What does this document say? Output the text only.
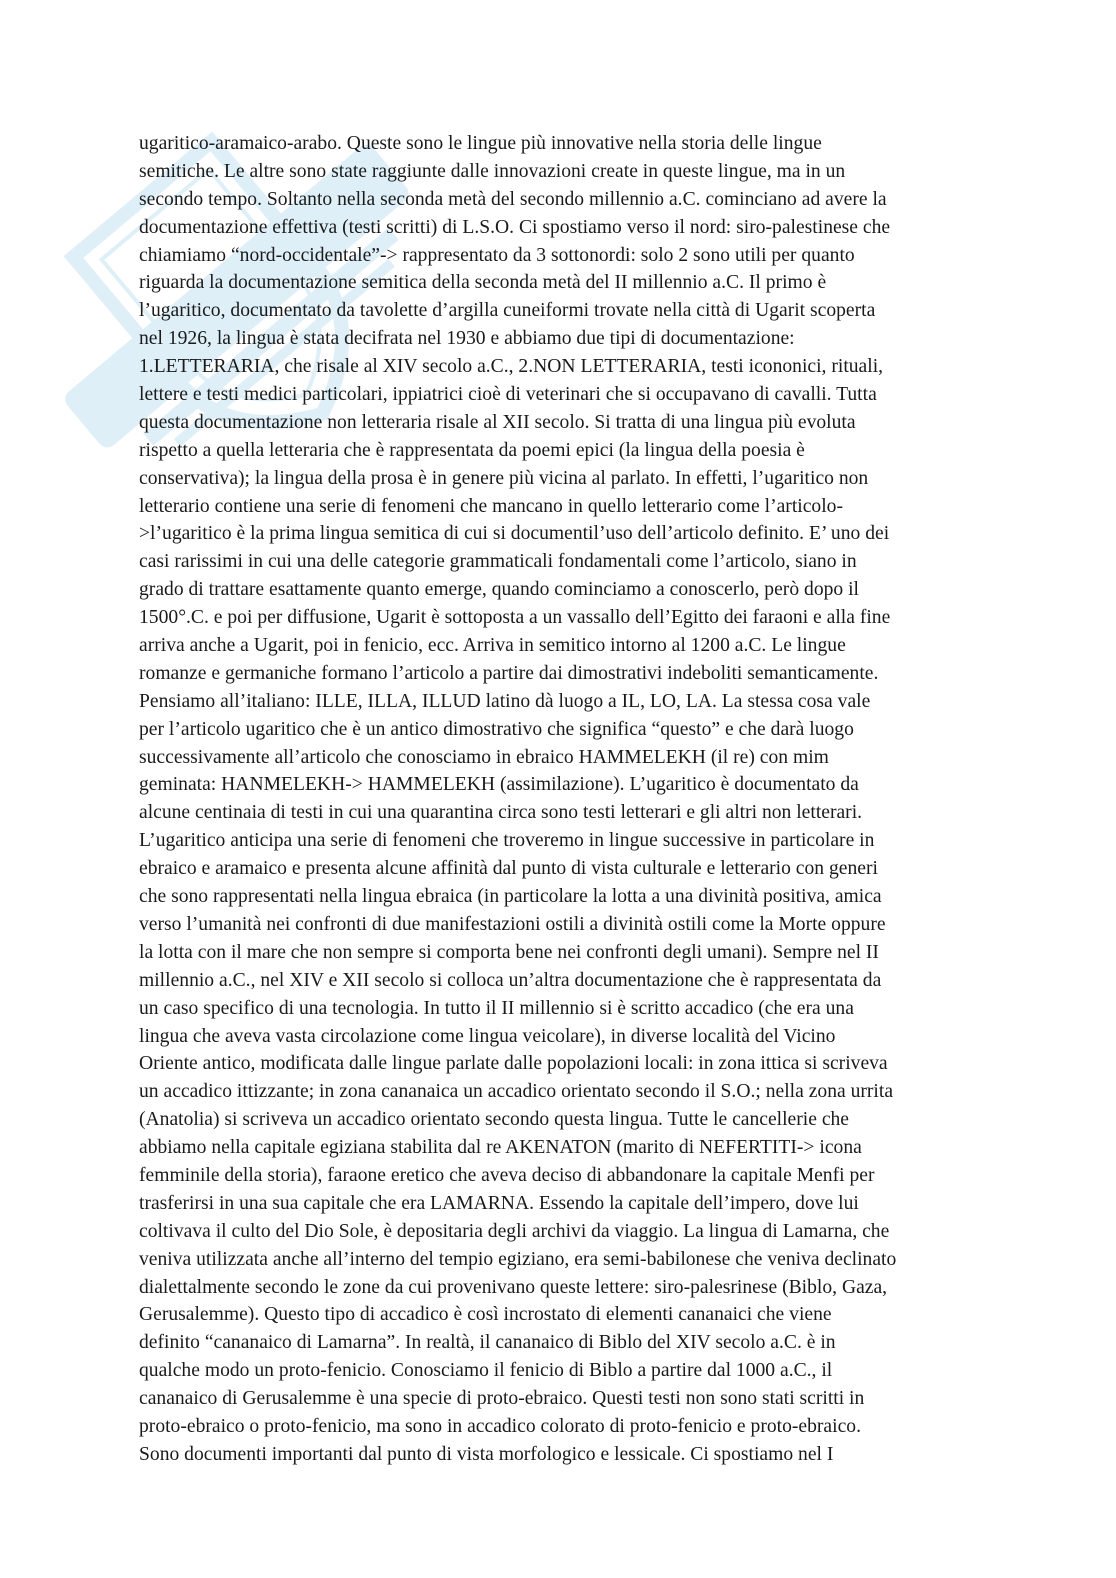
ugaritico-aramaico-arabo. Queste sono le lingue più innovative nella storia delle lingue
semitiche. Le altre sono state raggiunte dalle innovazioni create in queste lingue, ma in un
secondo tempo. Soltanto nella seconda metà del secondo millennio a.C. cominciano ad avere la
documentazione effettiva (testi scritti) di L.S.O. Ci spostiamo verso il nord: siro-palestinese che
chiamiamo “nord-occidentale”-> rappresentato da 3 sottonordi: solo 2 sono utili per quanto
riguarda la documentazione semitica della seconda metà del II millennio a.C. Il primo è
l’ugaritico, documentato da tavolette d’argilla cuneiformi trovate nella città di Ugarit scoperta
nel 1926, la lingua è stata decifrata nel 1930 e abbiamo due tipi di documentazione:
1.LETTERARIA, che risale al XIV secolo a.C., 2.NON LETTERARIA, testi icononici, rituali,
lettere e testi medici particolari, ippiatrici cioè di veterinari che si occupavano di cavalli. Tutta
questa documentazione non letteraria risale al XII secolo. Si tratta di una lingua più evoluta
rispetto a quella letteraria che è rappresentata da poemi epici (la lingua della poesia è
conservativa); la lingua della prosa è in genere più vicina al parlato. In effetti, l’ugaritico non
letterario contiene una serie di fenomeni che mancano in quello letterario come l’articolo-
>l’ugaritico è la prima lingua semitica di cui si documentil’uso dell’articolo definito. E’ uno dei
casi rarissimi in cui una delle categorie grammaticali fondamentali come l’articolo, siano in
grado di trattare esattamente quanto emerge, quando cominciamo a conoscerlo, però dopo il
1500°.C. e poi per diffusione, Ugarit è sottoposta a un vassallo dell’Egitto dei faraoni e alla fine
arriva anche a Ugarit, poi in fenicio, ecc. Arriva in semitico intorno al 1200 a.C. Le lingue
romanze e germaniche formano l’articolo a partire dai dimostrativi indeboliti semanticamente.
Pensiamo all’italiano: ILLE, ILLA, ILLUD latino dà luogo a IL, LO, LA. La stessa cosa vale
per l’articolo ugaritico che è un antico dimostrativo che significa “questo” e che darà luogo
successivamente all’articolo che conosciamo in ebraico HAMMELEKH (il re) con mim
geminata: HANMELEKH-> HAMMELEKH (assimilazione). L’ugaritico è documentato da
alcune centinaia di testi in cui una quarantina circa sono testi letterari e gli altri non letterari.
L’ugaritico anticipa una serie di fenomeni che troveremo in lingue successive in particolare in
ebraico e aramaico e presenta alcune affinità dal punto di vista culturale e letterario con generi
che sono rappresentati nella lingua ebraica (in particolare la lotta a una divinità positiva, amica
verso l’umanità nei confronti di due manifestazioni ostili a divinità ostili come la Morte oppure
la lotta con il mare che non sempre si comporta bene nei confronti degli umani). Sempre nel II
millennio a.C., nel XIV e XII secolo si colloca un’altra documentazione che è rappresentata da
un caso specifico di una tecnologia. In tutto il II millennio si è scritto accadico (che era una
lingua che aveva vasta circolazione come lingua veicolare), in diverse località del Vicino
Oriente antico, modificata dalle lingue parlate dalle popolazioni locali: in zona ittica si scriveva
un accadico ittizzante; in zona cananaica un accadico orientato secondo il S.O.; nella zona urrita
(Anatolia) si scriveva un accadico orientato secondo questa lingua. Tutte le cancellerie che
abbiamo nella capitale egiziana stabilita dal re AKENATON (marito di NEFERTITI-> icona
femminile della storia), faraone eretico che aveva deciso di abbandonare la capitale Menfi per
trasferirsi in una sua capitale che era LAMARNA. Essendo la capitale dell’impero, dove lui
coltivava il culto del Dio Sole, è depositaria degli archivi da viaggio. La lingua di Lamarna, che
veniva utilizzata anche all’interno del tempio egiziano, era semi-babilonese che veniva declinato
dialettalmente secondo le zone da cui provenivano queste lettere: siro-palesrinese (Biblo, Gaza,
Gerusalemme). Questo tipo di accadico è così incrostato di elementi cananaici che viene
definito “cananaico di Lamarna”. In realtà, il cananaico di Biblo del XIV secolo a.C. è in
qualche modo un proto-fenicio. Conosciamo il fenicio di Biblo a partire dal 1000 a.C., il
cananaico di Gerusalemme è una specie di proto-ebraico. Questi testi non sono stati scritti in
proto-ebraico o proto-fenicio, ma sono in accadico colorato di proto-fenicio e proto-ebraico.
Sono documenti importanti dal punto di vista morfologico e lessicale. Ci spostiamo nel I
